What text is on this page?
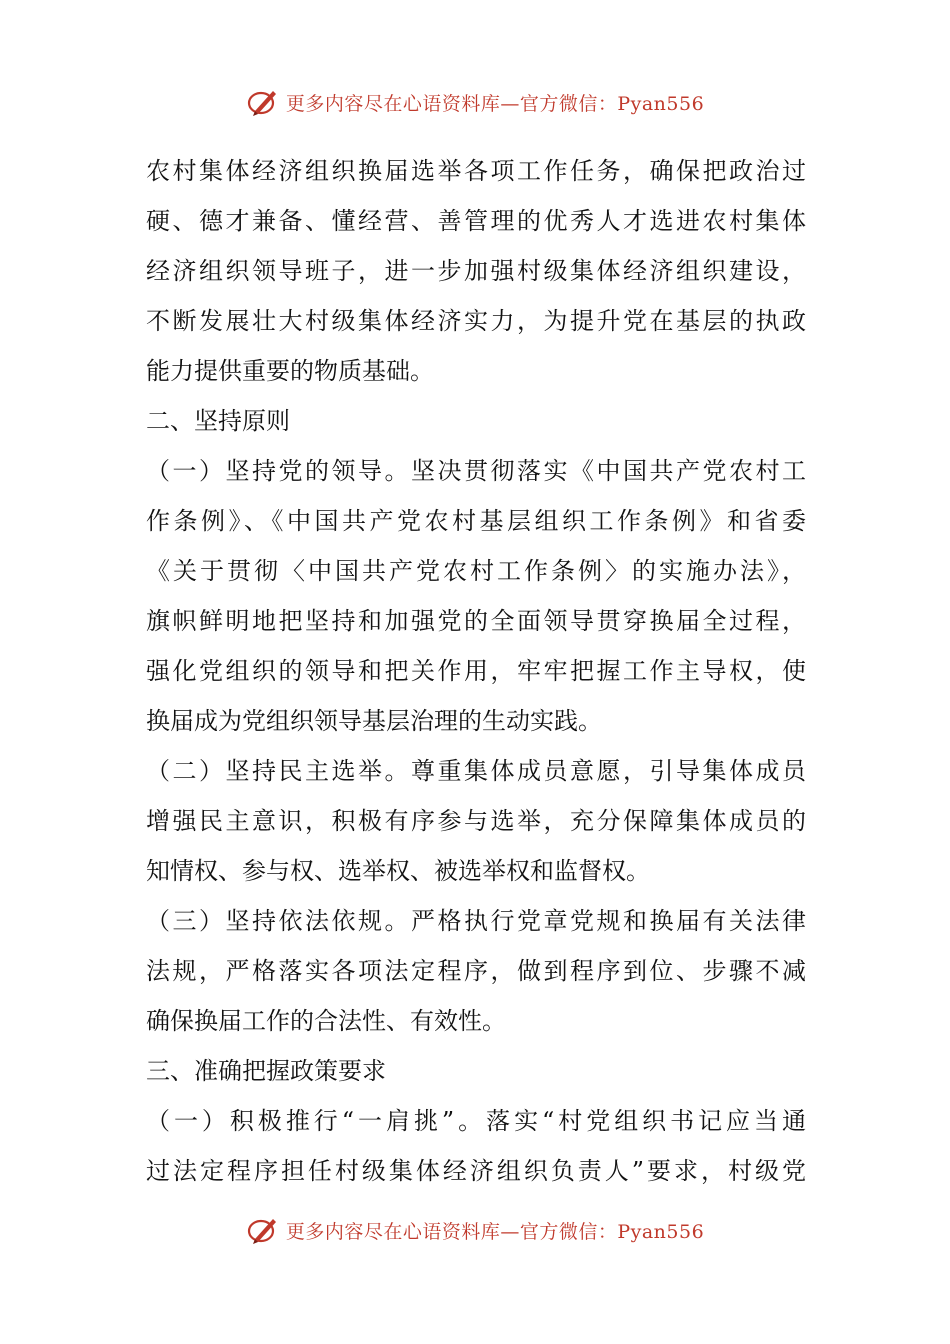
更多内容尽在心语资料库—官方微信：Pyan556
农村集体经济组织换届选举各项工作任务，确保把政治过
硬、德才兼备、懂经营、善管理的优秀人才选进农村集体
经济组织领导班子，进一步加强村级集体经济组织建设，
不断发展壮大村级集体经济实力，为提升党在基层的执政
能力提供重要的物质基础。
二、坚持原则
（一）坚持党的领导。坚决贯彻落实《中国共产党农村工
作条例》、《中国共产党农村基层组织工作条例》和省委
《关于贯彻〈中国共产党农村工作条例〉的实施办法》，
旗帜鲜明地把坚持和加强党的全面领导贯穿换届全过程，
强化党组织的领导和把关作用，牢牢把握工作主导权，使
换届成为党组织领导基层治理的生动实践。
（二）坚持民主选举。尊重集体成员意愿，引导集体成员
增强民主意识，积极有序参与选举，充分保障集体成员的
知情权、参与权、选举权、被选举权和监督权。
（三）坚持依法依规。严格执行党章党规和换届有关法律
法规，严格落实各项法定程序，做到程序到位、步骤不减
确保换届工作的合法性、有效性。
三、准确把握政策要求
（一）积极推行“一肩挑”。落实“村党组织书记应当通
过法定程序担任村级集体经济组织负责人”要求，村级党
更多内容尽在心语资料库—官方微信：Pyan556
